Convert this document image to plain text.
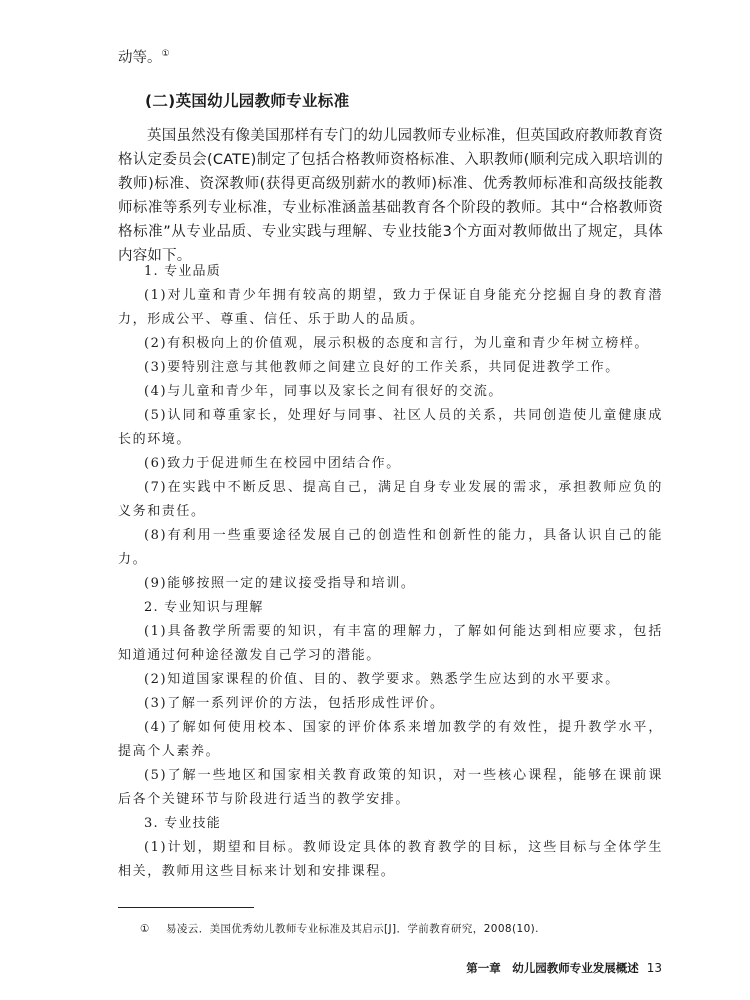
动等。①
(二)英国幼儿园教师专业标准

英国虽然没有像美国那样有专门的幼儿园教师专业标准，但英国政府教师教育资格认定委员会(CATE)制定了包括合格教师资格标准、入职教师(顺利完成入职培训的教师)标准、资深教师(获得更高级别薪水的教师)标准、优秀教师标准和高级技能教师标准等系列专业标准，专业标准涵盖基础教育各个阶段的教师。其中“合格教师资格标准”从专业品质、专业实践与理解、专业技能3个方面对教师做出了规定，具体内容如下。

1. 专业品质

(1)对儿童和青少年拥有较高的期望，致力于保证自身能充分挖掘自身的教育潜力，形成公平、尊重、信任、乐于助人的品质。

(2)有积极向上的价值观，展示积极的态度和言行，为儿童和青少年树立榜样。

(3)要特别注意与其他教师之间建立良好的工作关系，共同促进教学工作。

(4)与儿童和青少年，同事以及家长之间有很好的交流。

(5)认同和尊重家长，处理好与同事、社区人员的关系，共同创造使儿童健康成长的环境。

(6)致力于促进师生在校园中团结合作。

(7)在实践中不断反思、提高自己，满足自身专业发展的需求，承担教师应负的义务和责任。

(8)有利用一些重要途径发展自己的创造性和创新性的能力，具备认识自己的能力。

(9)能够按照一定的建议接受指导和培训。

2. 专业知识与理解

(1)具备教学所需要的知识，有丰富的理解力，了解如何能达到相应要求，包括知道通过何种途径激发自己学习的潜能。

(2)知道国家课程的价值、目的、教学要求。熟悉学生应达到的水平要求。

(3)了解一系列评价的方法，包括形成性评价。

(4)了解如何使用校本、国家的评价体系来增加教学的有效性，提升教学水平，提高个人素养。

(5)了解一些地区和国家相关教育政策的知识，对一些核心课程，能够在课前课后各个关键环节与阶段进行适当的教学安排。

3. 专业技能

(1)计划，期望和目标。教师设定具体的教育教学的目标，这些目标与全体学生相关，教师用这些目标来计划和安排课程。

① 易凌云．美国优秀幼儿教师专业标准及其启示[J]．学前教育研究，2008(10).
第一章　幼儿园教师专业发展概述 13
